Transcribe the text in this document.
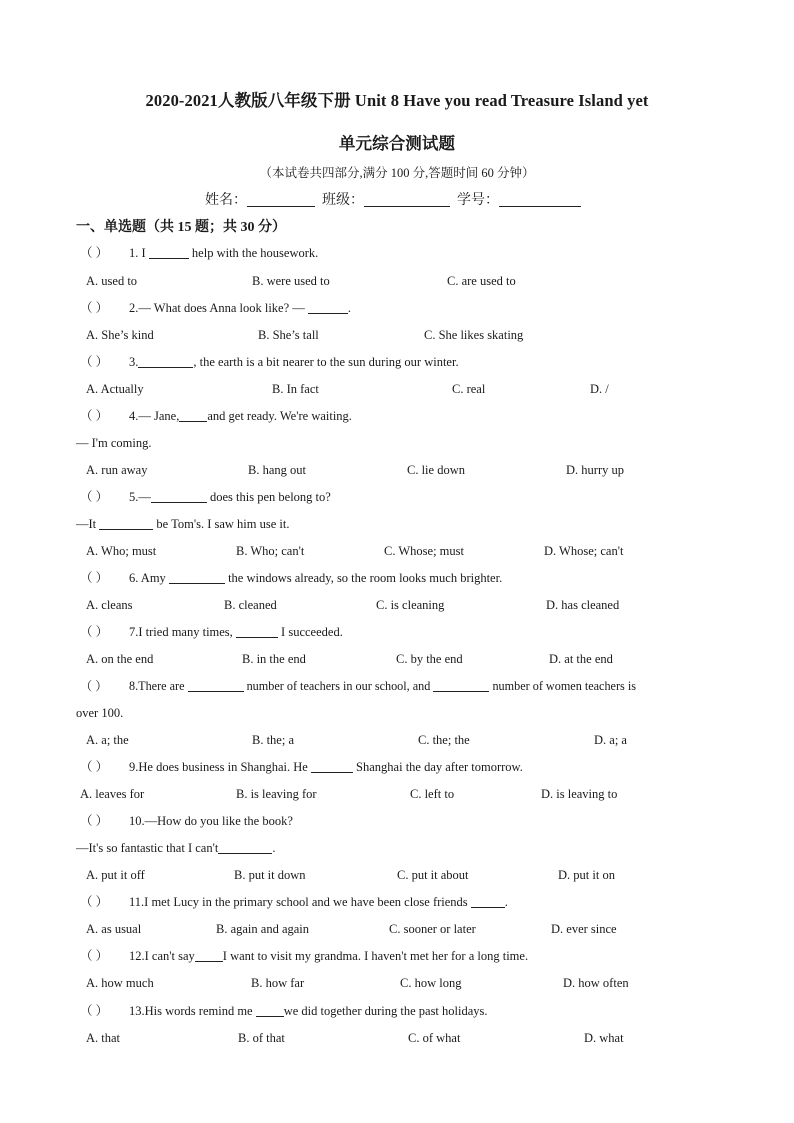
2020-2021人教版八年级下册 Unit 8 Have you read Treasure Island yet
单元综合测试题
（本试卷共四部分,满分 100 分,答题时间 60 分钟）
姓名：	班级：	学号：
一、单选题（共 15 题；共 30 分）
（ ） 1. I	help with the housework.
A. used to	B. were used to	C. are used to
（ ） 2.— What does Anna look like? —	.
A. She’s kind	B. She’s tall	C. She likes skating
（ ） 3.	, the earth is a bit nearer to the sun during our winter.
A. Actually	B. In fact	C. real	D. /
（ ） 4.— Jane, and get ready. We're waiting.
— I'm coming.
A. run away	B. hang out	C. lie down	D. hurry up
（ ） 5.—	does this pen belong to?
—It	be Tom's. I saw him use it.
A. Who; must	B. Who; can't	C. Whose; must	D. Whose; can't
（ ） 6. Amy	the windows already, so the room looks much brighter.
A. cleans	B. cleaned	C. is cleaning	D. has cleaned
（ ） 7.I tried many times,	I succeeded.
A. on the end	B. in the end	C. by the end	D. at the end
（ ） 8.There are	number of teachers in our school, and	number of women teachers is
over 100.
A. a; the	B. the; a	C. the; the	D. a; a
（ ） 9.He does business in Shanghai. He	Shanghai the day after tomorrow.
A. leaves for	B. is leaving for	C. left to	D. is leaving to
（ ） 10.—How do you like the book?
—It's so fantastic that I can't	.
A. put it off	B. put it down	C. put it about	D. put it on
（ ） 11.I met Lucy in the primary school and we have been close friends	.
A. as usual	B. again and again	C. sooner or later	D. ever since
（ ） 12.I can't say I want to visit my grandma. I haven't met her for a long time.
A. how much	B. how far	C. how long	D. how often
（ ） 13.His words remind me we did together during the past holidays.
A. that	B. of that	C. of what	D. what
